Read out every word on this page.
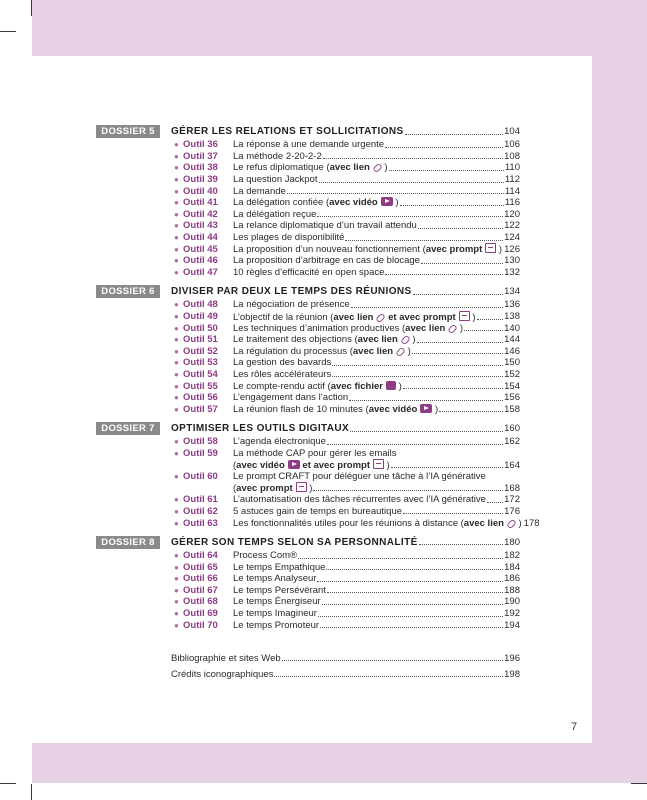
DOSSIER 5	GÉRER LES RELATIONS ET SOLLICITATIONS	104
● Outil 36	La réponse à une demande urgente	106
● Outil 37	La méthode 2-20-2-2	108
● Outil 38	Le refus diplomatique (avec lien )	110
● Outil 39	La question Jackpot	112
● Outil 40	La demande	114
● Outil 41	La délégation confiée (avec vidéo )	116
● Outil 42	La délégation reçue	120
● Outil 43	La relance diplomatique d’un travail attendu	122
● Outil 44	Les plages de disponibilité	124
● Outil 45	La proposition d’un nouveau fonctionnement (avec prompt ) 126
● Outil 46	La proposition d’arbitrage en cas de blocage	130
● Outil 47	10 règles d’efficacité en open space	132
DOSSIER 6	DIVISER PAR DEUX LE TEMPS DES RÉUNIONS	134
● Outil 48	La négociation de présence	136
● Outil 49	L’objectif de la réunion (avec lien et avec prompt )	138
● Outil 50	Les techniques d’animation productives (avec lien )	140
● Outil 51	Le traitement des objections (avec lien )	144
● Outil 52	La régulation du processus (avec lien )	146
● Outil 53	La gestion des bavards	150
● Outil 54	Les rôles accélérateurs	152
● Outil 55	Le compte-rendu actif (avec fichier )	154
● Outil 56	L’engagement dans l’action	156
● Outil 57	La réunion flash de 10 minutes (avec vidéo )	158
DOSSIER 7	OPTIMISER LES OUTILS DIGITAUX	160
● Outil 58	L’agenda électronique	162
● Outil 59	La méthode CAP pour gérer les emails
(avec vidéo et avec prompt )	164
● Outil 60	Le prompt CRAFT pour déléguer une tâche à l’IA générative
(avec prompt )	168
● Outil 61	L’automatisation des tâches récurrentes avec l’IA générative 172
● Outil 62	5 astuces gain de temps en bureautique	176
● Outil 63	Les fonctionnalités utiles pour les réunions à distance (avec lien ) 178
DOSSIER 8	GÉRER SON TEMPS SELON SA PERSONNALITÉ	180
● Outil 64	Process Com®	182
● Outil 65	Le temps Empathique	184
● Outil 66	Le temps Analyseur	186
● Outil 67	Le temps Persévérant	188
● Outil 68	Le temps Énergiseur	190
● Outil 69	Le temps Imagineur	192
● Outil 70	Le temps Promoteur	194
Bibliographie et sites Web	196
Crédits iconographiques	198
7
